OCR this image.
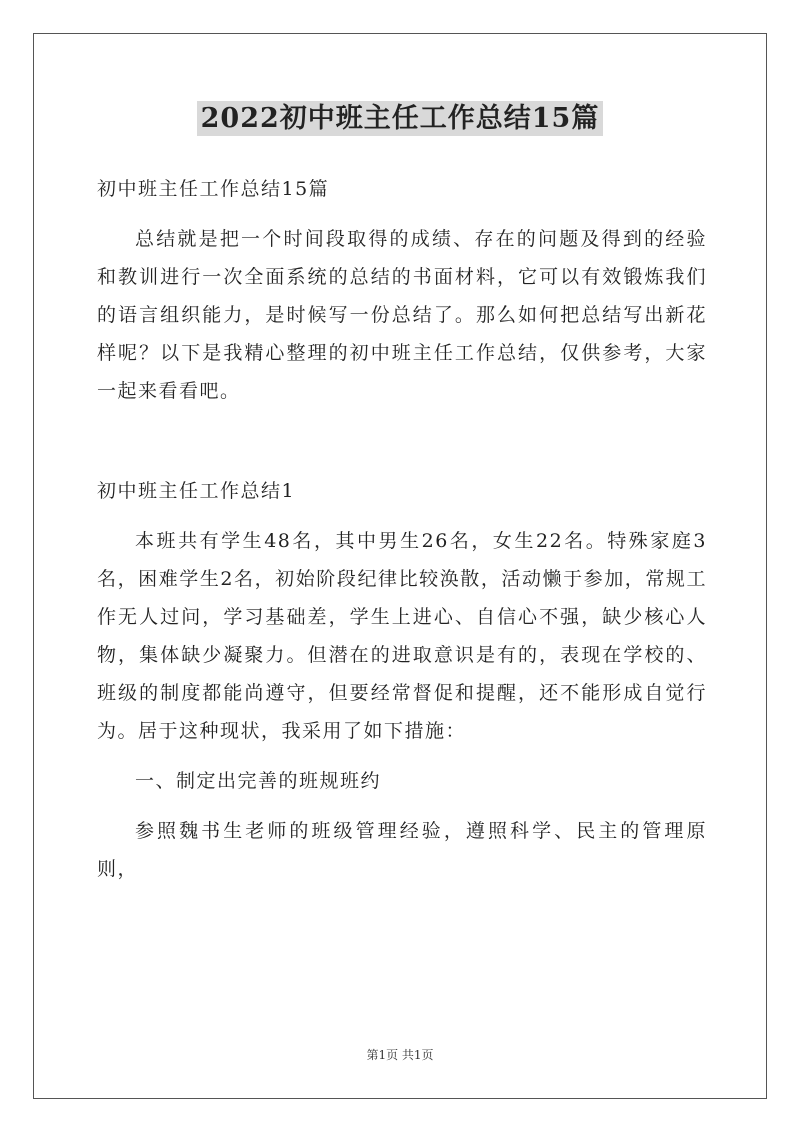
2022初中班主任工作总结15篇

初中班主任工作总结15篇

总结就是把一个时间段取得的成绩、存在的问题及得到的经验和教训进行一次全面系统的总结的书面材料，它可以有效锻炼我们的语言组织能力，是时候写一份总结了。那么如何把总结写出新花样呢？以下是我精心整理的初中班主任工作总结，仅供参考，大家一起来看看吧。

初中班主任工作总结1

本班共有学生48名，其中男生26名，女生22名。特殊家庭3名，困难学生2名，初始阶段纪律比较涣散，活动懒于参加，常规工作无人过问，学习基础差，学生上进心、自信心不强，缺少核心人物，集体缺少凝聚力。但潜在的进取意识是有的，表现在学校的、班级的制度都能尚遵守，但要经常督促和提醒，还不能形成自觉行为。居于这种现状，我采用了如下措施：

一、制定出完善的班规班约

参照魏书生老师的班级管理经验，遵照科学、民主的管理原则，

第1页 共1页
